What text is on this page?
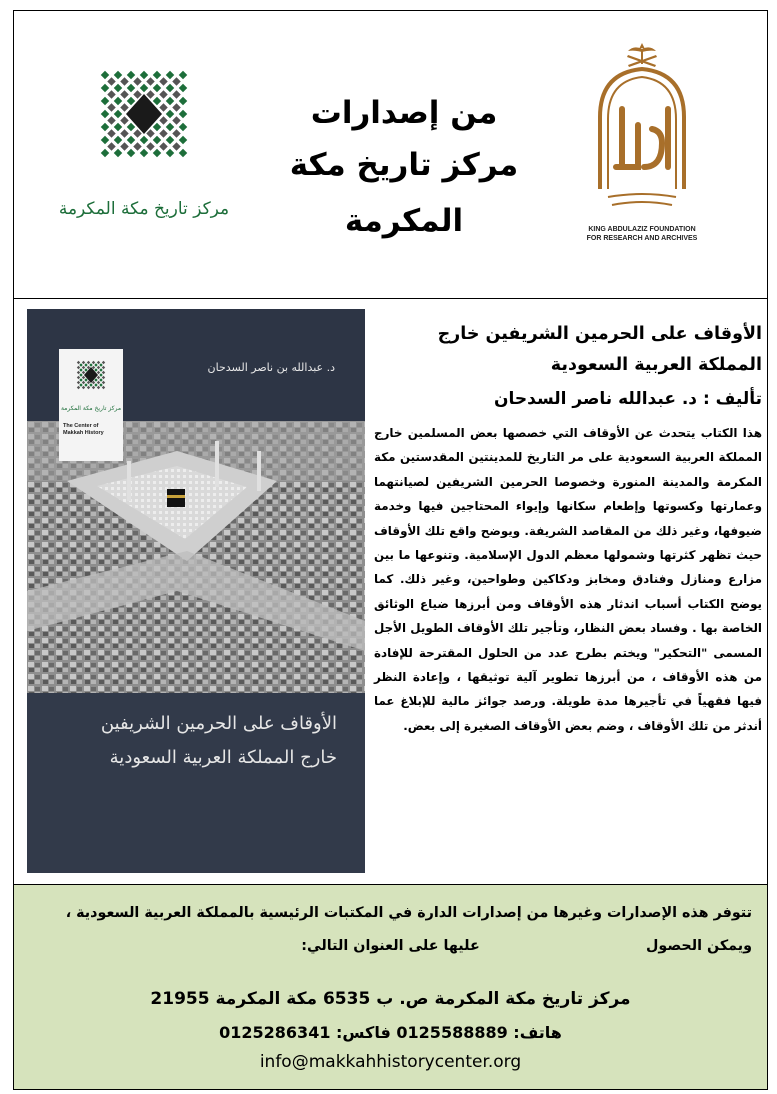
مركز تاريخ مكة المكرمة
من إصدارات
مركز تاريخ مكة المكرمة	KING ABDULAZIZ FOUNDATION
FOR RESEARCH AND ARCHIVES
د. عبدالله بن ناصر السدحان
مركز تاريخ مكة المكرمة
The Center of
Makkah History
الأوقاف على الحرمين الشريفين
خارج المملكة العربية السعودية
الأوقاف على الحرمين الشريفين خارج المملكة العربية السعودية
تأليف : د. عبدالله ناصر السدحان
هذا الكتاب يتحدث عن الأوقاف التي خصصها بعض المسلمين خارج المملكة العربية السعودية على مر التاريخ للمدينتين المقدستين مكة المكرمة والمدينة المنورة وخصوصا الحرمين الشريفين لصيانتهما وعمارتها وكسوتها وإطعام سكانها وإيواء المحتاجين فيها وخدمة ضيوفها، وغير ذلك من المقاصد الشريفة. ويوضح واقع تلك الأوقاف حيث تظهر كثرتها وشمولها معظم الدول الإسلامية. وتنوعها ما بين مزارع ومنازل وفنادق ومخابز ودكاكين وطواحين، وغير ذلك. كما يوضح الكتاب أسباب اندثار هذه الأوقاف ومن أبرزها ضياع الوثائق الخاصة بها . وفساد بعض النظار، وتأجير تلك الأوقاف الطويل الأجل المسمى "التحكير" ويختم بطرح عدد من الحلول المقترحة للإفادة من هذه الأوقاف ، من أبرزها تطوير آلية توثيقها ، وإعادة النظر فيها فقهياً في تأجيرها مدة طويلة. ورصد جوائز مالية للإبلاغ عما أندثر من تلك الأوقاف ، وضم بعض الأوقاف الصغيرة إلى بعض.
تتوفر هذه الإصدارات وغيرها من إصدارات الدارة في المكتبات الرئيسية بالمملكة العربية السعودية ، ويمكن الحصول
عليها على العنوان التالي:
مركز تاريخ مكة المكرمة ص. ب 6535 مكة المكرمة 21955
هاتف: 0125588889 فاكس: 0125286341
info@makkahhistorycenter.org
